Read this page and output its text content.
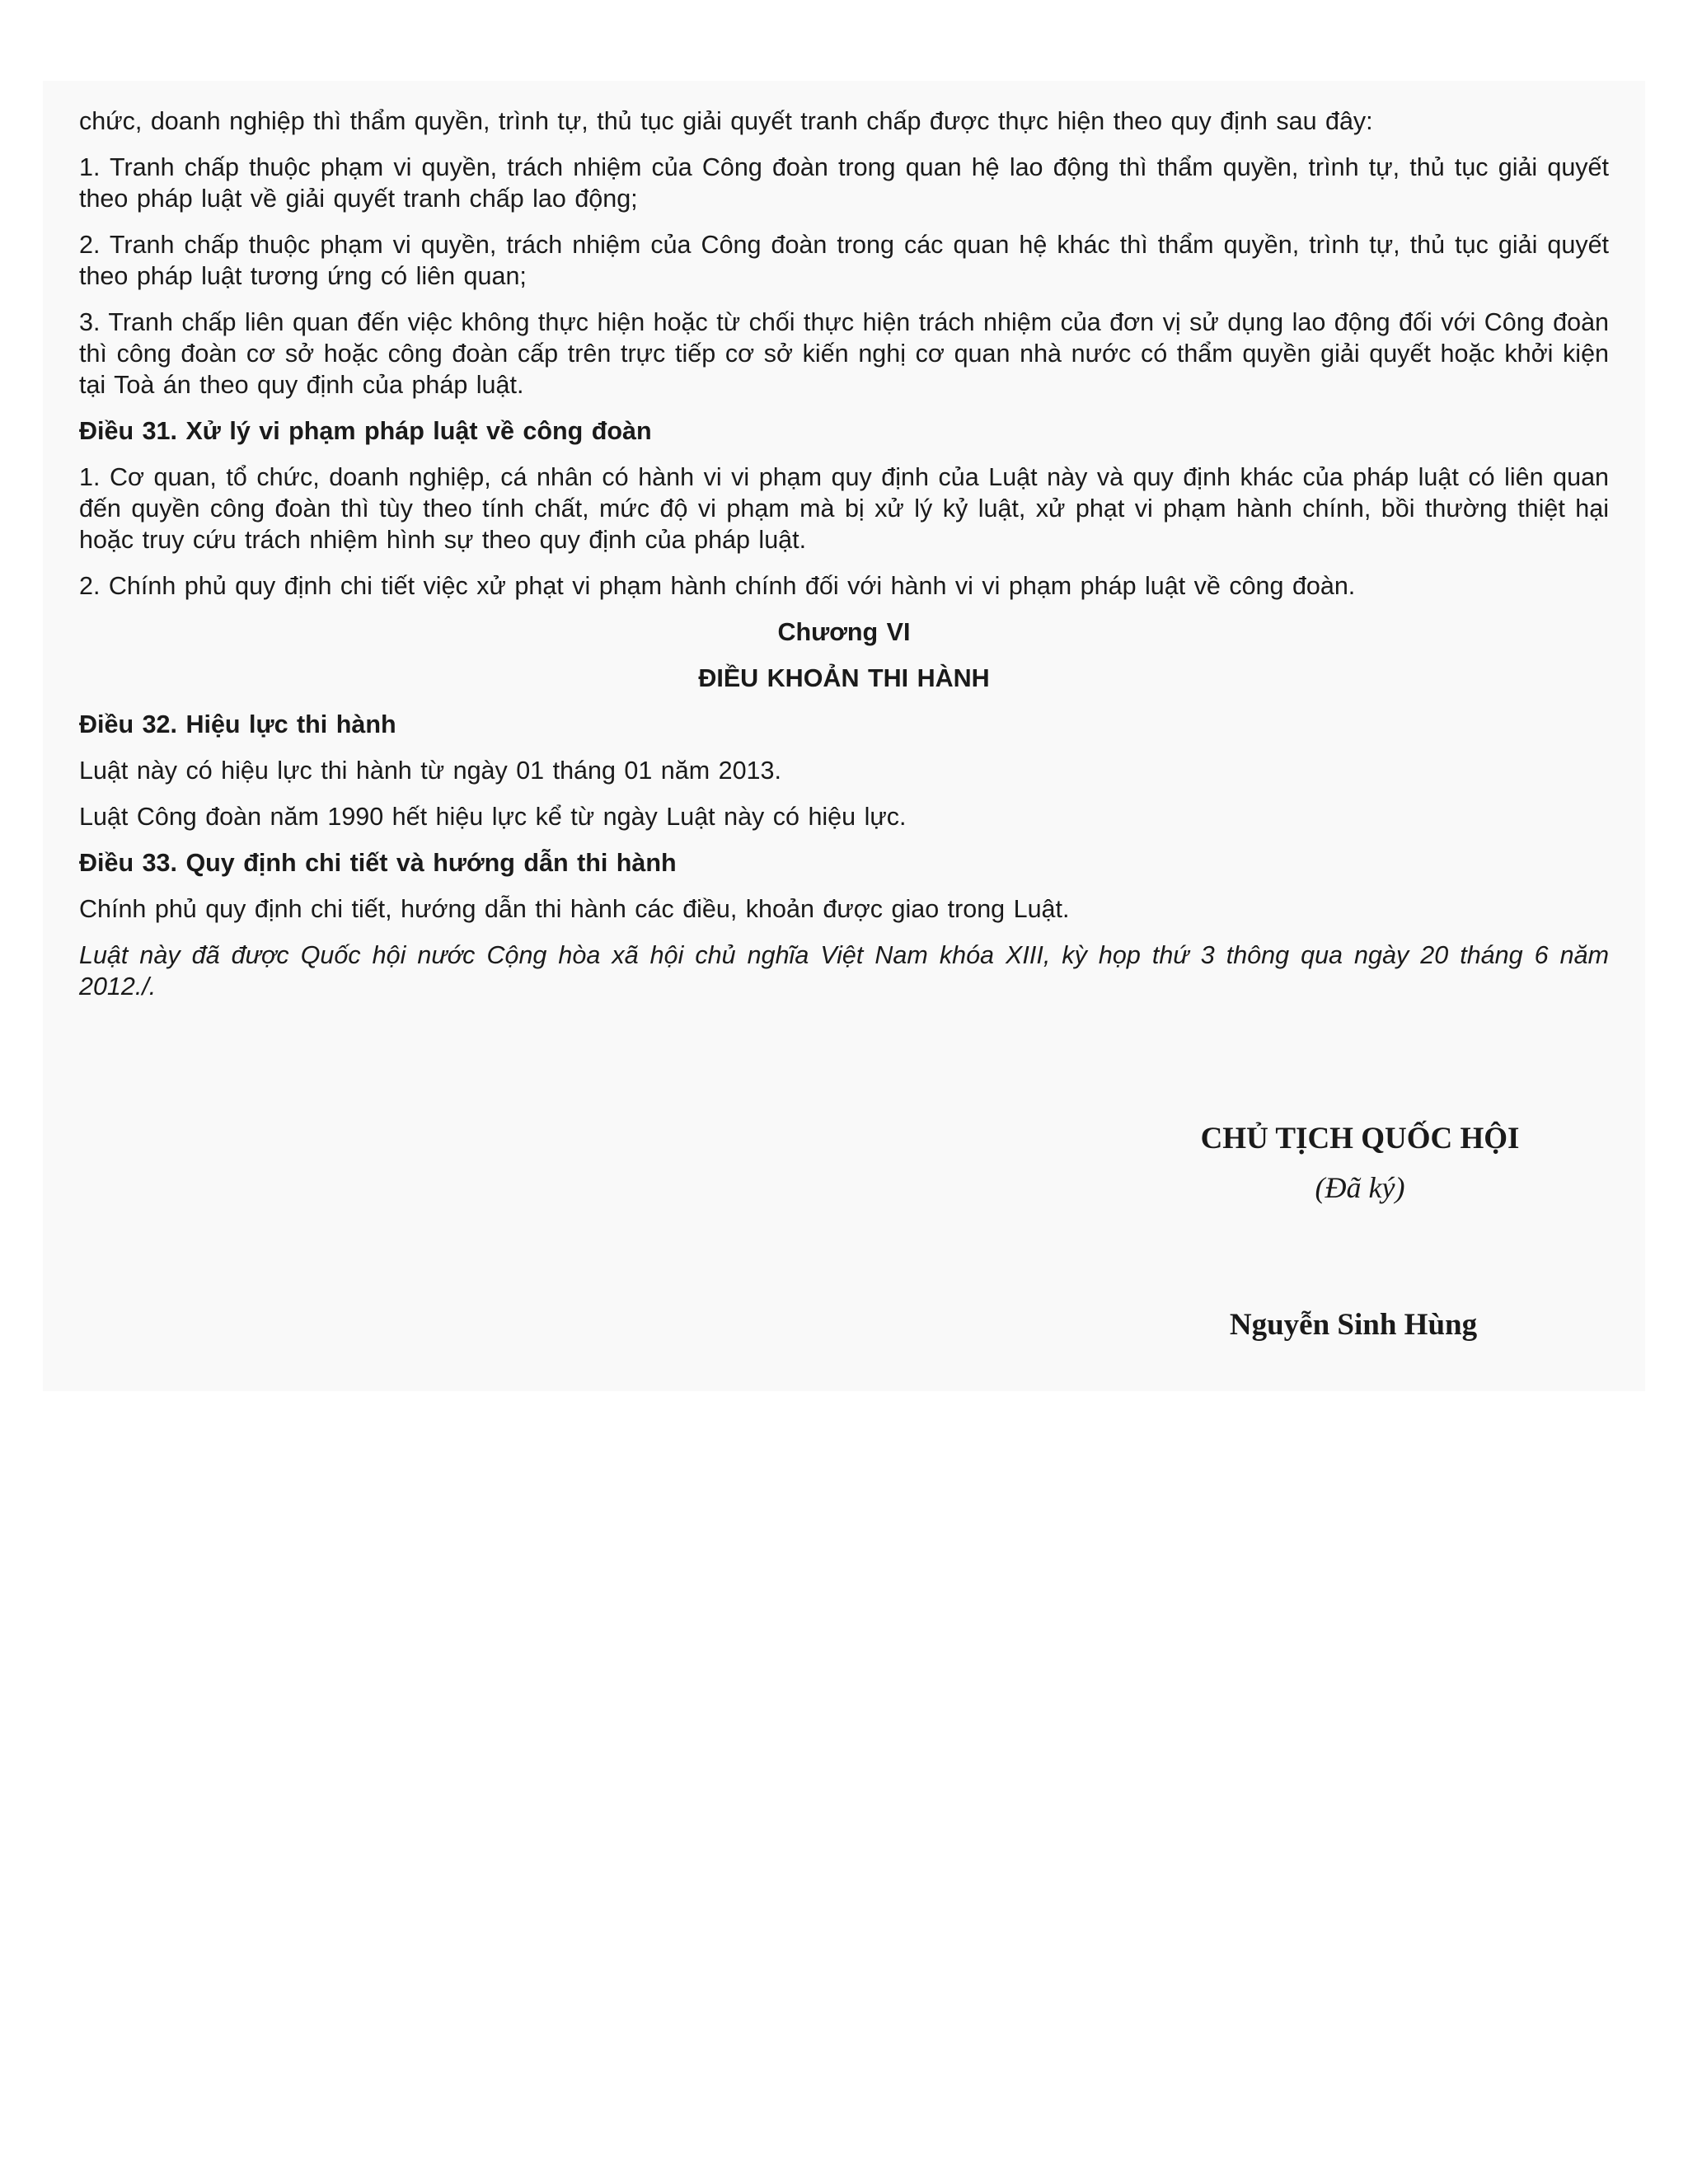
chức, doanh nghiệp thì thẩm quyền, trình tự, thủ tục giải quyết tranh chấp được thực hiện theo quy định sau đây:

1. Tranh chấp thuộc phạm vi quyền, trách nhiệm của Công đoàn trong quan hệ lao động thì thẩm quyền, trình tự, thủ tục giải quyết theo pháp luật về giải quyết tranh chấp lao động;

2. Tranh chấp thuộc phạm vi quyền, trách nhiệm của Công đoàn trong các quan hệ khác thì thẩm quyền, trình tự, thủ tục giải quyết theo pháp luật tương ứng có liên quan;

3. Tranh chấp liên quan đến việc không thực hiện hoặc từ chối thực hiện trách nhiệm của đơn vị sử dụng lao động đối với Công đoàn thì công đoàn cơ sở hoặc công đoàn cấp trên trực tiếp cơ sở kiến nghị cơ quan nhà nước có thẩm quyền giải quyết hoặc khởi kiện tại Toà án theo quy định của pháp luật.

Điều 31. Xử lý vi phạm pháp luật về công đoàn

1. Cơ quan, tổ chức, doanh nghiệp, cá nhân có hành vi vi phạm quy định của Luật này và quy định khác của pháp luật có liên quan đến quyền công đoàn thì tùy theo tính chất, mức độ vi phạm mà bị xử lý kỷ luật, xử phạt vi phạm hành chính, bồi thường thiệt hại hoặc truy cứu trách nhiệm hình sự theo quy định của pháp luật.

2. Chính phủ quy định chi tiết việc xử phạt vi phạm hành chính đối với hành vi vi phạm pháp luật về công đoàn.

Chương VI

ĐIỀU KHOẢN THI HÀNH

Điều 32. Hiệu lực thi hành

Luật này có hiệu lực thi hành từ ngày 01 tháng 01 năm 2013.

Luật Công đoàn năm 1990 hết hiệu lực kể từ ngày Luật này có hiệu lực.

Điều 33. Quy định chi tiết và hướng dẫn thi hành

Chính phủ quy định chi tiết, hướng dẫn thi hành các điều, khoản được giao trong Luật.

Luật này đã được Quốc hội nước Cộng hòa xã hội chủ nghĩa Việt Nam khóa XIII, kỳ họp thứ 3 thông qua ngày 20 tháng 6 năm 2012./.

CHỦ TỊCH QUỐC HỘI
(Đã ký)
Nguyễn Sinh Hùng
